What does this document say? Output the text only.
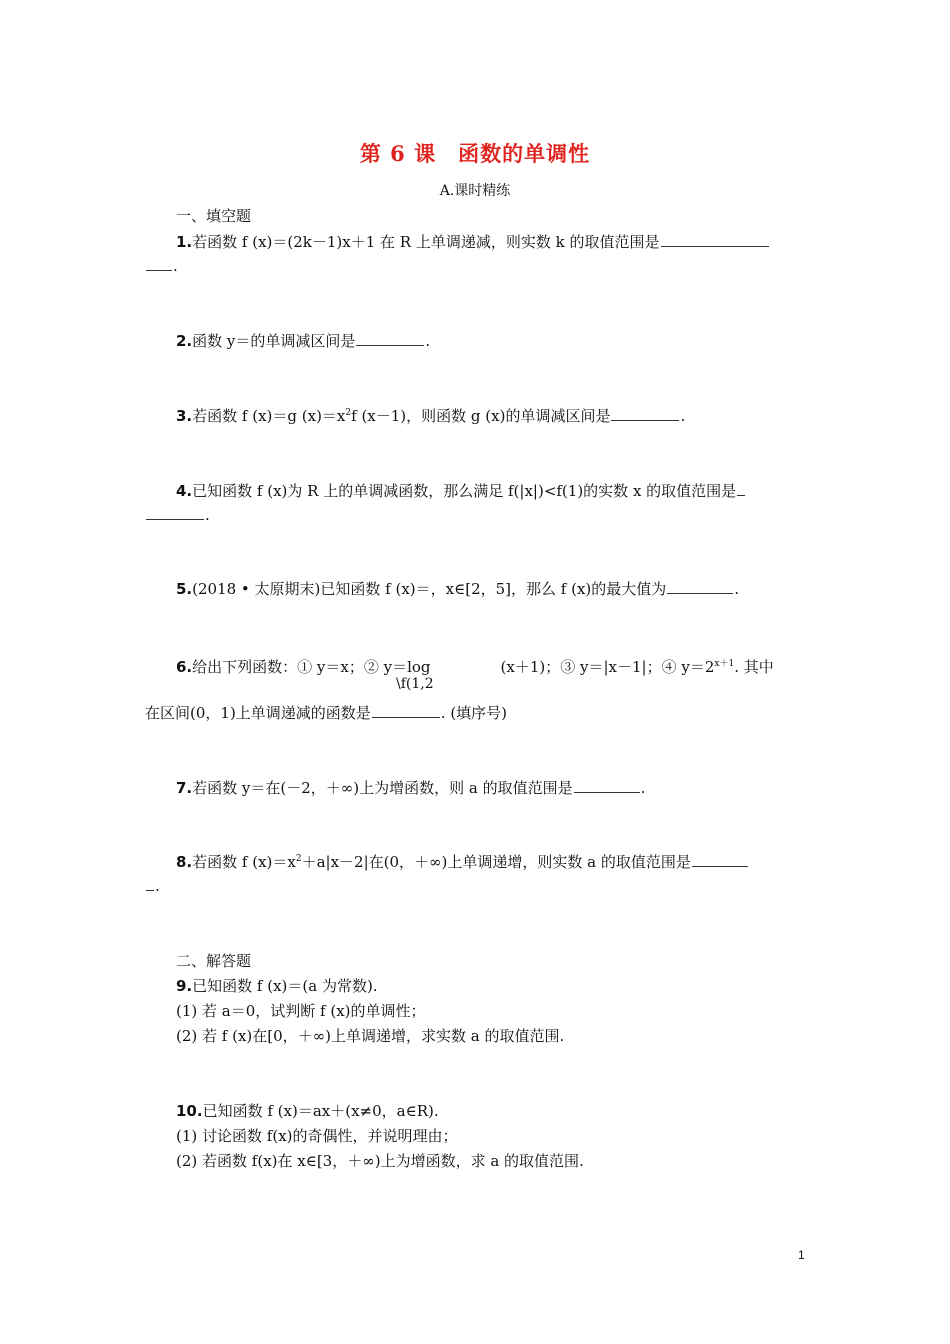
第 6 课　函数的单调性
A.课时精练
一、填空题
1.若函数 f (x)＝(2k－1)x＋1 在 R 上单调递减，则实数 k 的取值范围是
.
2.函数 y＝的单调减区间是	.
3.若函数 f (x)＝g $(x)=x^2f$ (x－1)，则函数 g (x)的单调减区间是	.
4.已知函数 f (x)为 R 上的单调减函数，那么满足 f(|x|)<f(1)的实数 x 的取值范围是
.
5.(2018 • 太原期末)已知函数 f (x)＝，x∈[2，5]，那么 f (x)的最大值为	.
6.给出下列函数：① y＝x；② y＝log	(x＋1)；③ y＝|x－1|；④ $y=2^{x+1}$. 其中
\f(1,2
在区间(0，1)上单调递减的函数是	. (填序号)
7.若函数 y＝在(－2，＋∞)上为增函数，则 a 的取值范围是	.
8.若函数 f $(x)=x^2+a|x-2|$在(0，＋∞)上单调递增，则实数 a 的取值范围是
.
二、解答题
9.已知函数 f (x)＝(a 为常数).
(1) 若 a＝0，试判断 f (x)的单调性；
(2) 若 f (x)在[0，＋∞)上单调递增，求实数 a 的取值范围.
10.已知函数 f (x)＝ax＋(x≠0，a∈R).
(1) 讨论函数 f(x)的奇偶性，并说明理由；
(2) 若函数 f(x)在 x∈[3，＋∞)上为增函数，求 a 的取值范围.
1
